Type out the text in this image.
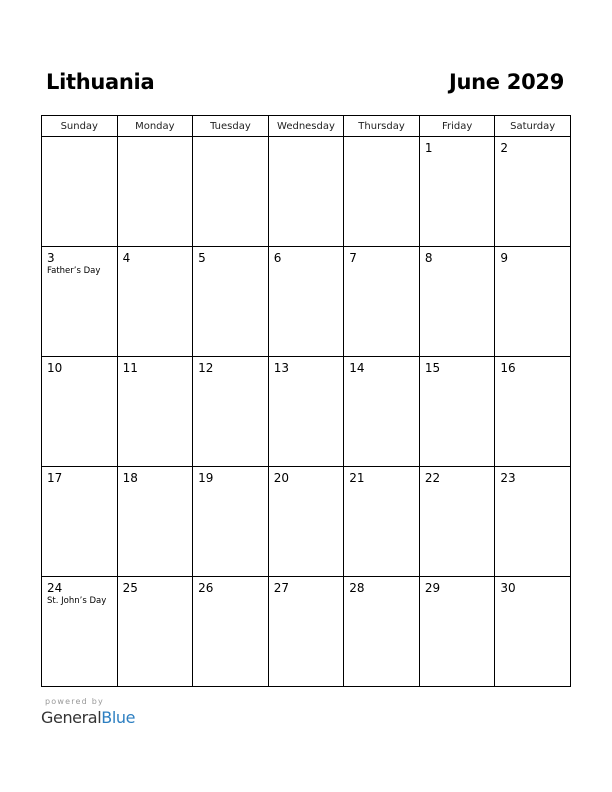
Lithuania	June 2029
Sunday	Monday	Tuesday	Wednesday	Thursday	Friday	Saturday

					1	2

3
Father’s Day	4	5	6	7	8	9

10	11	12	13	14	15	16

17	18	19	20	21	22	23

24
St. John’s Day	25	26	27	28	29	30
powered by
GeneralBlue
